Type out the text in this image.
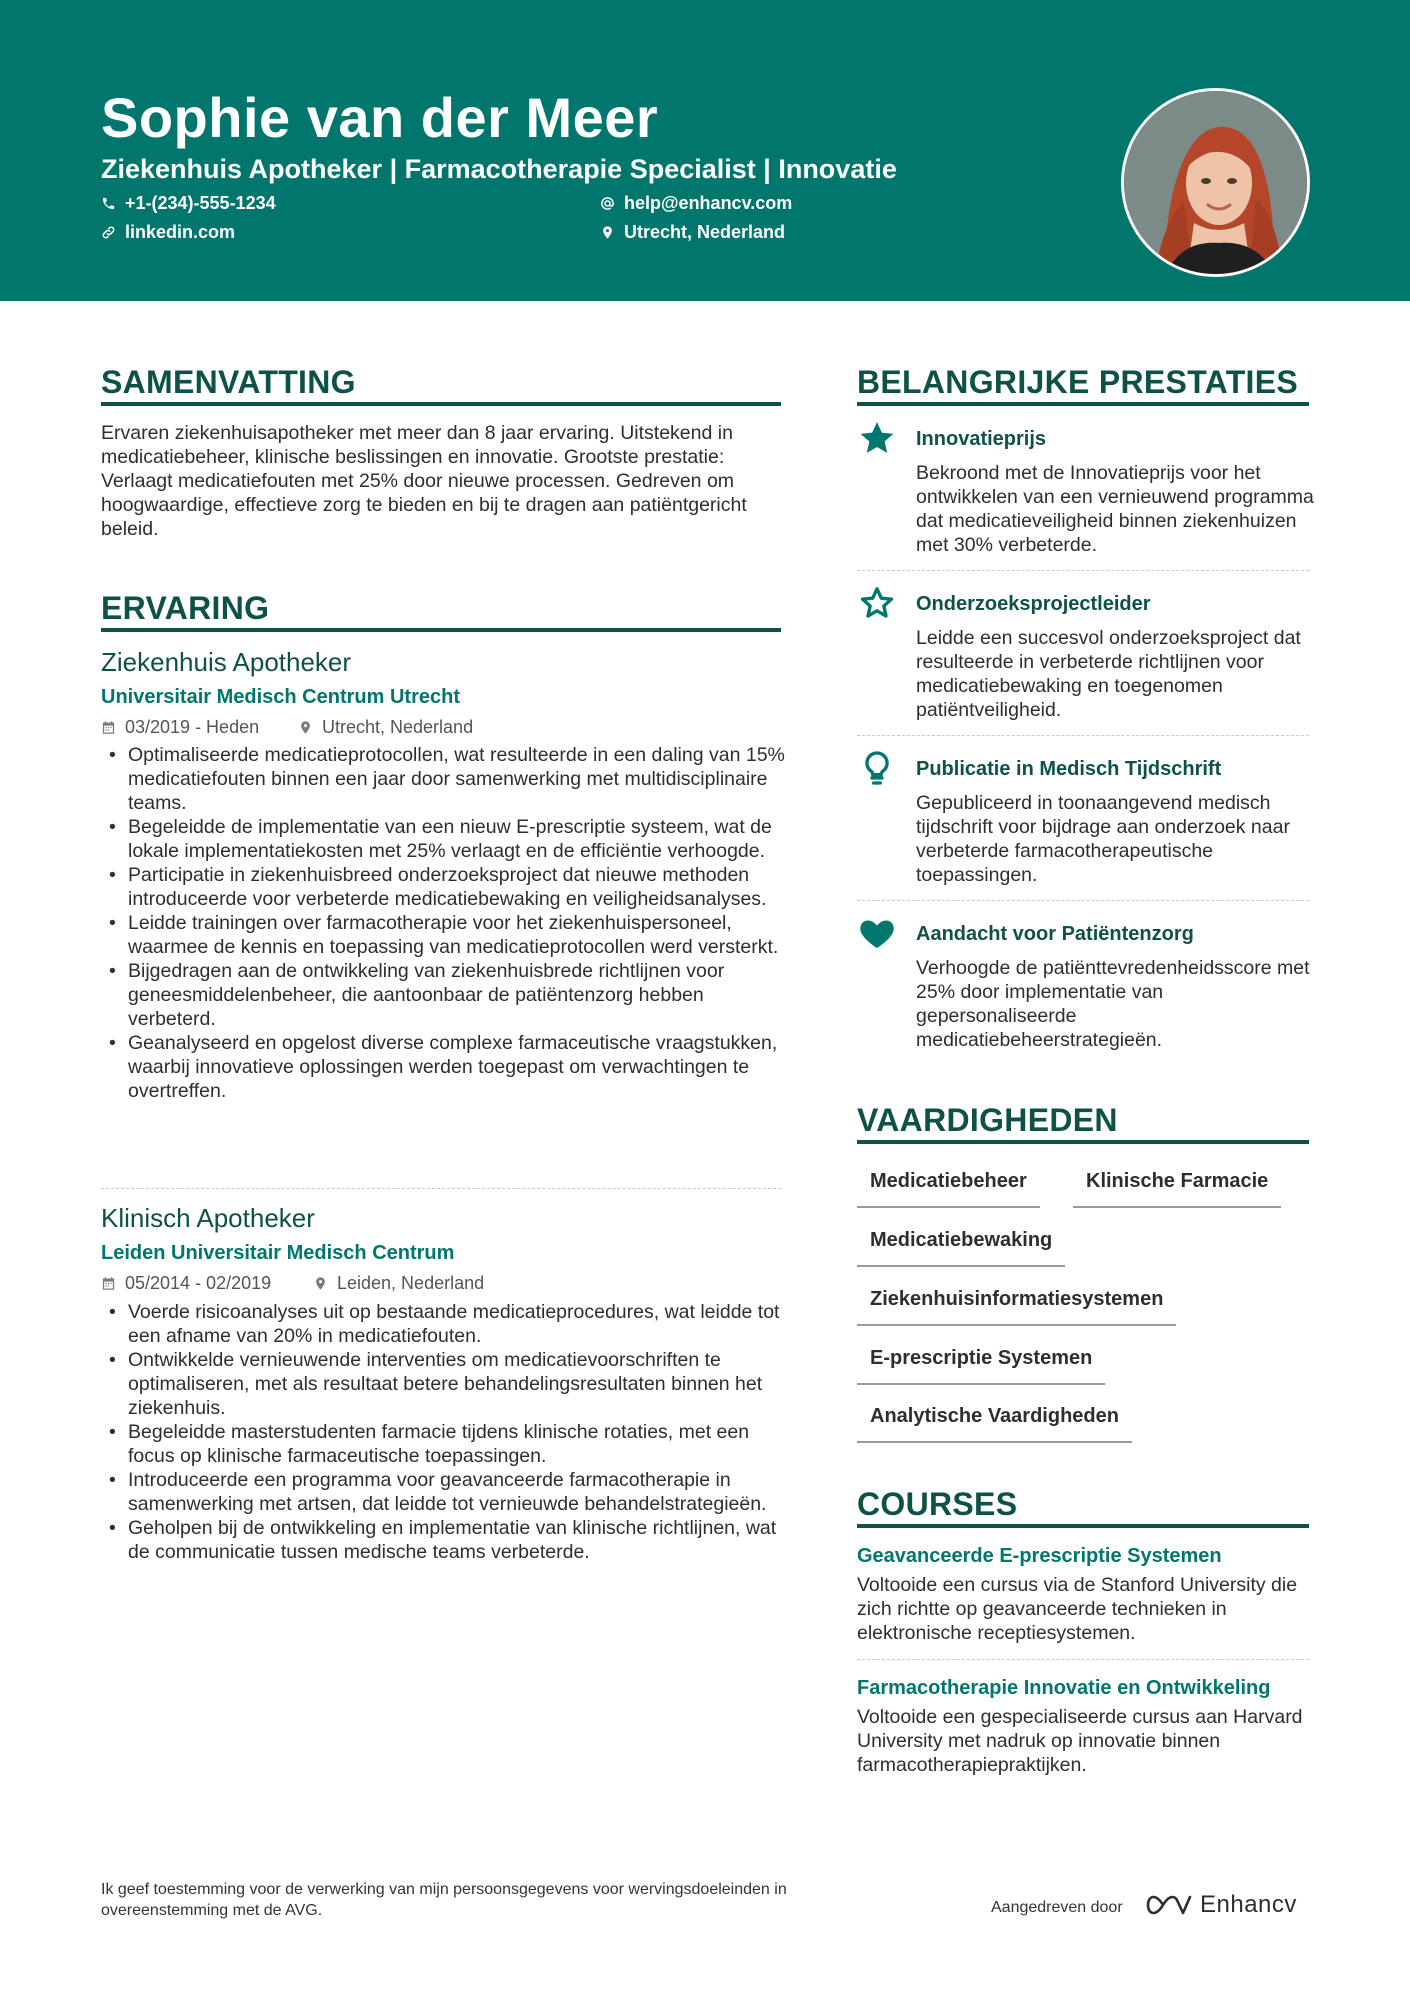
Sophie van der Meer
Ziekenhuis Apotheker | Farmacotherapie Specialist | Innovatie
+1-(234)-555-1234	help@enhancv.com
linkedin.com	Utrecht, Nederland
SAMENVATTING
Ervaren ziekenhuisapotheker met meer dan 8 jaar ervaring. Uitstekend in medicatiebeheer, klinische beslissingen en innovatie. Grootste prestatie: Verlaagt medicatiefouten met 25% door nieuwe processen. Gedreven om hoogwaardige, effectieve zorg te bieden en bij te dragen aan patiëntgericht beleid.
ERVARING
Ziekenhuis Apotheker
Universitair Medisch Centrum Utrecht
03/2019 - Heden	Utrecht, Nederland
• Optimaliseerde medicatieprotocollen, wat resulteerde in een daling van 15% medicatiefouten binnen een jaar door samenwerking met multidisciplinaire teams.
• Begeleidde de implementatie van een nieuw E-prescriptie systeem, wat de lokale implementatiekosten met 25% verlaagt en de efficiëntie verhoogde.
• Participatie in ziekenhuisbreed onderzoeksproject dat nieuwe methoden introduceerde voor verbeterde medicatiebewaking en veiligheidsanalyses.
• Leidde trainingen over farmacotherapie voor het ziekenhuispersoneel, waarmee de kennis en toepassing van medicatieprotocollen werd versterkt.
• Bijgedragen aan de ontwikkeling van ziekenhuisbrede richtlijnen voor geneesmiddelenbeheer, die aantoonbaar de patiëntenzorg hebben verbeterd.
• Geanalyseerd en opgelost diverse complexe farmaceutische vraagstukken, waarbij innovatieve oplossingen werden toegepast om verwachtingen te overtreffen.
Klinisch Apotheker
Leiden Universitair Medisch Centrum
05/2014 - 02/2019	Leiden, Nederland
• Voerde risicoanalyses uit op bestaande medicatieprocedures, wat leidde tot een afname van 20% in medicatiefouten.
• Ontwikkelde vernieuwende interventies om medicatievoorschriften te optimaliseren, met als resultaat betere behandelingsresultaten binnen het ziekenhuis.
• Begeleidde masterstudenten farmacie tijdens klinische rotaties, met een focus op klinische farmaceutische toepassingen.
• Introduceerde een programma voor geavanceerde farmacotherapie in samenwerking met artsen, dat leidde tot vernieuwde behandelstrategieën.
• Geholpen bij de ontwikkeling en implementatie van klinische richtlijnen, wat de communicatie tussen medische teams verbeterde.
BELANGRIJKE PRESTATIES
Innovatieprijs
Bekroond met de Innovatieprijs voor het ontwikkelen van een vernieuwend programma dat medicatieveiligheid binnen ziekenhuizen met 30% verbeterde.
Onderzoeksprojectleider
Leidde een succesvol onderzoeksproject dat resulteerde in verbeterde richtlijnen voor medicatiebewaking en toegenomen patiëntveiligheid.
Publicatie in Medisch Tijdschrift
Gepubliceerd in toonaangevend medisch tijdschrift voor bijdrage aan onderzoek naar verbeterde farmacotherapeutische toepassingen.
Aandacht voor Patiëntenzorg
Verhoogde de patiënttevredenheidsscore met 25% door implementatie van gepersonaliseerde medicatiebeheerstrategieën.
VAARDIGHEDEN
Medicatiebeheer	Klinische Farmacie
Medicatiebewaking
Ziekenhuisinformatiesystemen
E-prescriptie Systemen
Analytische Vaardigheden
COURSES
Geavanceerde E-prescriptie Systemen
Voltooide een cursus via de Stanford University die zich richtte op geavanceerde technieken in elektronische receptiesystemen.
Farmacotherapie Innovatie en Ontwikkeling
Voltooide een gespecialiseerde cursus aan Harvard University met nadruk op innovatie binnen farmacotherapiepraktijken.
Ik geef toestemming voor de verwerking van mijn persoonsgegevens voor wervingsdoeleinden in overeenstemming met de AVG.	Aangedreven door	Enhancv
